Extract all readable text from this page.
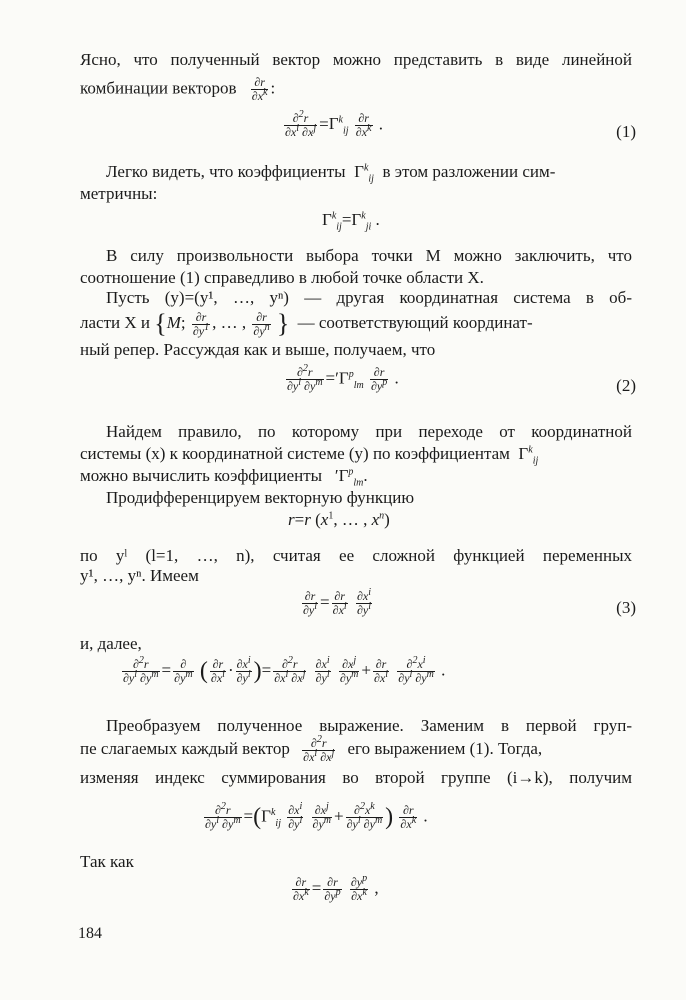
Ясно, что полученный вектор можно представить в виде линейной
комбинации векторов $\frac{\partial r}{\partial x^k}$ :
$\frac{\partial^2r}{\partial x^i \partial x^j} =\Gamma^k_{ij} \frac{\partial r}{\partial x^k}$ .	(1)
Легко видеть, что коэффициенты $\Gamma^k_{ij}$ в этом разложении сим-
метричны:
$\Gamma^k_{ij}=\Gamma^k_{ji}$ .
В силу произвольности выбора точки M можно заключить, что
соотношение (1) справедливо в любой точке области X.
Пусть (y)=(y¹, …, yⁿ) — другая координатная система в об-
ласти X и {M; $\frac{\partial r}{\partial y^1}$ , … , $\frac{\partial r}{\partial y^n}$ } — соответствующий координат-
ный репер. Рассуждая как и выше, получаем, что
$\frac{\partial^2r}{\partial y^l \partial y^m} ='\Gamma^p_{lm} \frac{\partial r}{\partial y^p}$ .	(2)
Найдем правило, по которому при переходе от координатной
системы (x) к координатной системе (y) по коэффициентам $\Gamma^k_{ij}$
можно вычислить коэффициенты   $'\Gamma^p_{lm}$.
Продифференцируем векторную функцию
r=r ($x^1$, … , $x^n$)
по yˡ (l=1, …, n), считая ее сложной функцией переменных
y¹, …, yⁿ. Имеем
$\frac{\partial r}{\partial y^l} = \frac{\partial r}{\partial x^i}$
$\frac{\partial x^i}{\partial y^l}$	(3)
и, далее,
$\frac{\partial^2r}{\partial y^l \partial y^m} = \frac{\partial}{\partial y^m}$ ( $\frac{\partial r}{\partial x^i} \cdot \frac{\partial x^i}{\partial y^l}$ )= $\frac{\partial^2r}{\partial x^i \partial x^j}$
$\frac{\partial x^i}{\partial y^l}$
$\frac{\partial x^j}{\partial y^m} + \frac{\partial r}{\partial x^i}$
$\frac{\partial^2x^i}{\partial y^l \partial y^m}$ .
Преобразуем полученное выражение. Заменим в первой груп-
пе слагаемых каждый вектор $\frac{\partial^2r}{\partial x^i \partial x^j}$ его выражением (1). Тогда,
изменяя индекс суммирования во второй группе (i→k), получим
$\frac{\partial^2r}{\partial y^l \partial y^m} =(\Gamma^k_{ij} \frac{\partial x^i}{\partial y^l}$
$\frac{\partial x^j}{\partial y^m} + \frac{\partial^2x^k}{\partial y^l \partial y^m}$ ) $\frac{\partial r}{\partial x^k}$ .
Так как
$\frac{\partial r}{\partial x^k} = \frac{\partial r}{\partial y^p}$
$\frac{\partial y^p}{\partial x^k}$ ,
184
